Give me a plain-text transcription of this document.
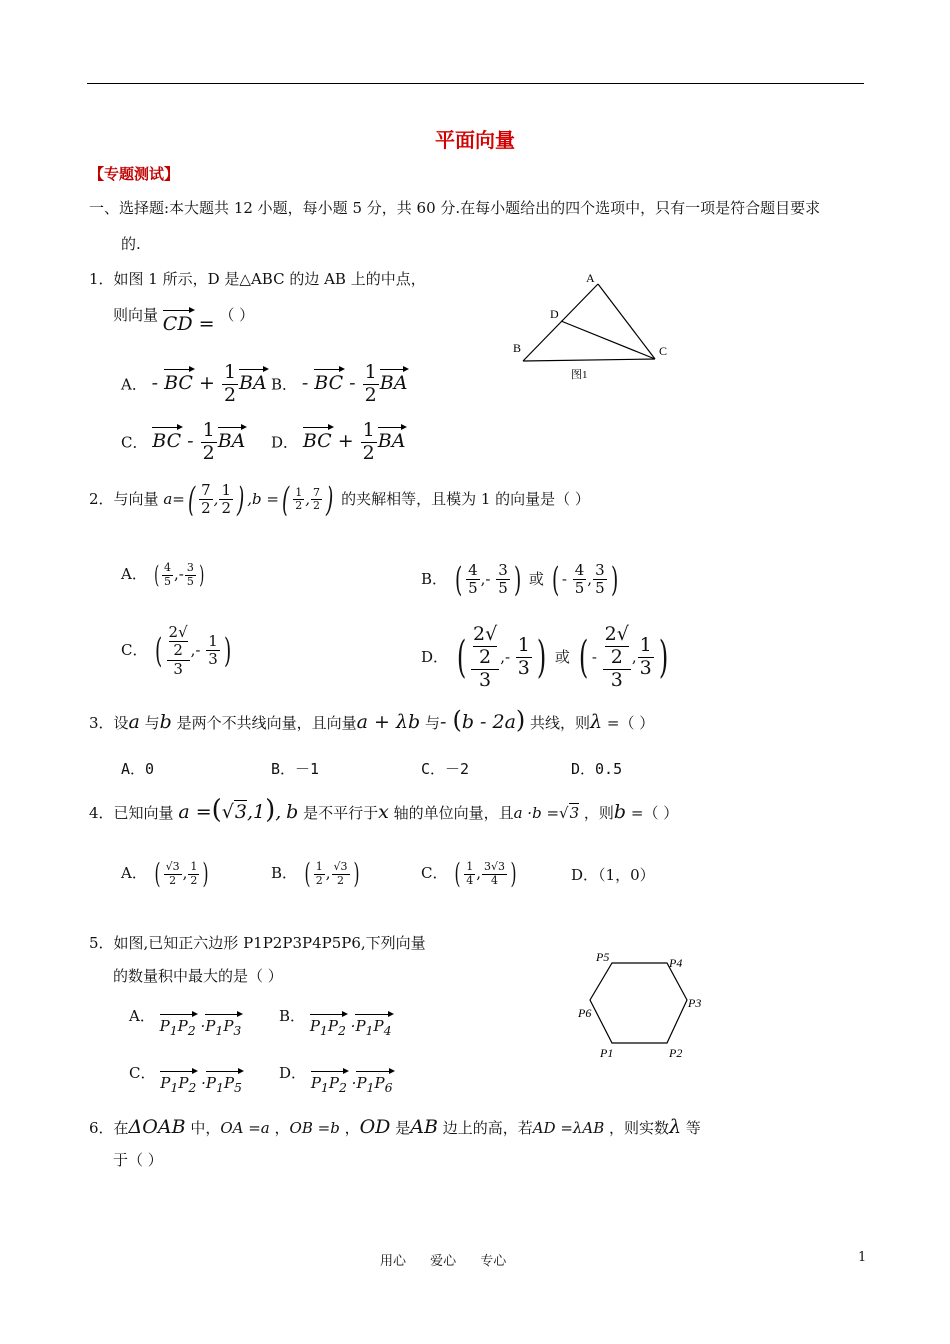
平面向量
【专题测试】
一、选择题:本大题共 12 小题，每小题 5 分，共 60 分.在每小题给出的四个选项中，只有一项是符合题目要求
的.
1．如图 1 所示，D 是△ABC 的边 AB 上的中点，
则向量 CD = （ ）
A
D
B	C
图1
A． - BC + $\frac{1}{2}$ BA B． - BC - $\frac{1}{2}$ BA
C． BC - $\frac{1}{2}$ BA D． BC + $\frac{1}{2}$ BA
2．与向量 $a=( \frac{7}{2}$ , $\frac{1}{2}$ ) ,b =( $\frac{1}{2}$ , $\frac{7}{2}$ ) 的夹解相等，且模为 1 的向量是（ ）
A． ( $\frac{4}{5}$ ,- $\frac{3}{5}$ )	B． ( $\frac{4}{5}$ ,- $\frac{3}{5}$ ) 或 ( - $\frac{4}{5}$ , $\frac{3}{5}$ )
C． ( 2√
2
3 ,- $\frac{1}{3}$ )	D． ( 2√
2
3 ,- $\frac{1}{3}$ ) 或 ( - 2√
2
3 , $\frac{1}{3}$ )
3．设a 与b 是两个不共线向量，且向量a + λb 与- (b - 2a) 共线，则λ =（ ）
A．0	B．－1	C．－2	D．0.5
4．已知向量 a =(√3,1), b 是不平行于x 轴的单位向量，且a ·b =√3 ，则b =（ ）
A． ( $\frac{√3}{2}$ , $\frac{1}{2}$ )	B． ( $\frac{1}{2}$ , $\frac{√3}{2}$ )	C． ( $\frac{1}{4}$ , $\frac{3√3}{4}$ )	D．（1，0）
5．如图,已知正六边形 P1P2P3P4P5P6,下列向量
的数量积中最大的是（ ）
P5	P4
P3
P6
P1	P2
A． $P_1P_2 \cdot P_1P_3$
B． $P_1P_2 \cdot P_1P_4$
C． $P_1P_2 \cdot P_1P_5$
D． $P_1P_2 \cdot P_1P_6$
6．在ΔOAB 中，OA =a ，OB =b ，OD 是AB 边上的高，若AD =λAB ，则实数λ 等
于（ ）
用心 爱心 专心	1
